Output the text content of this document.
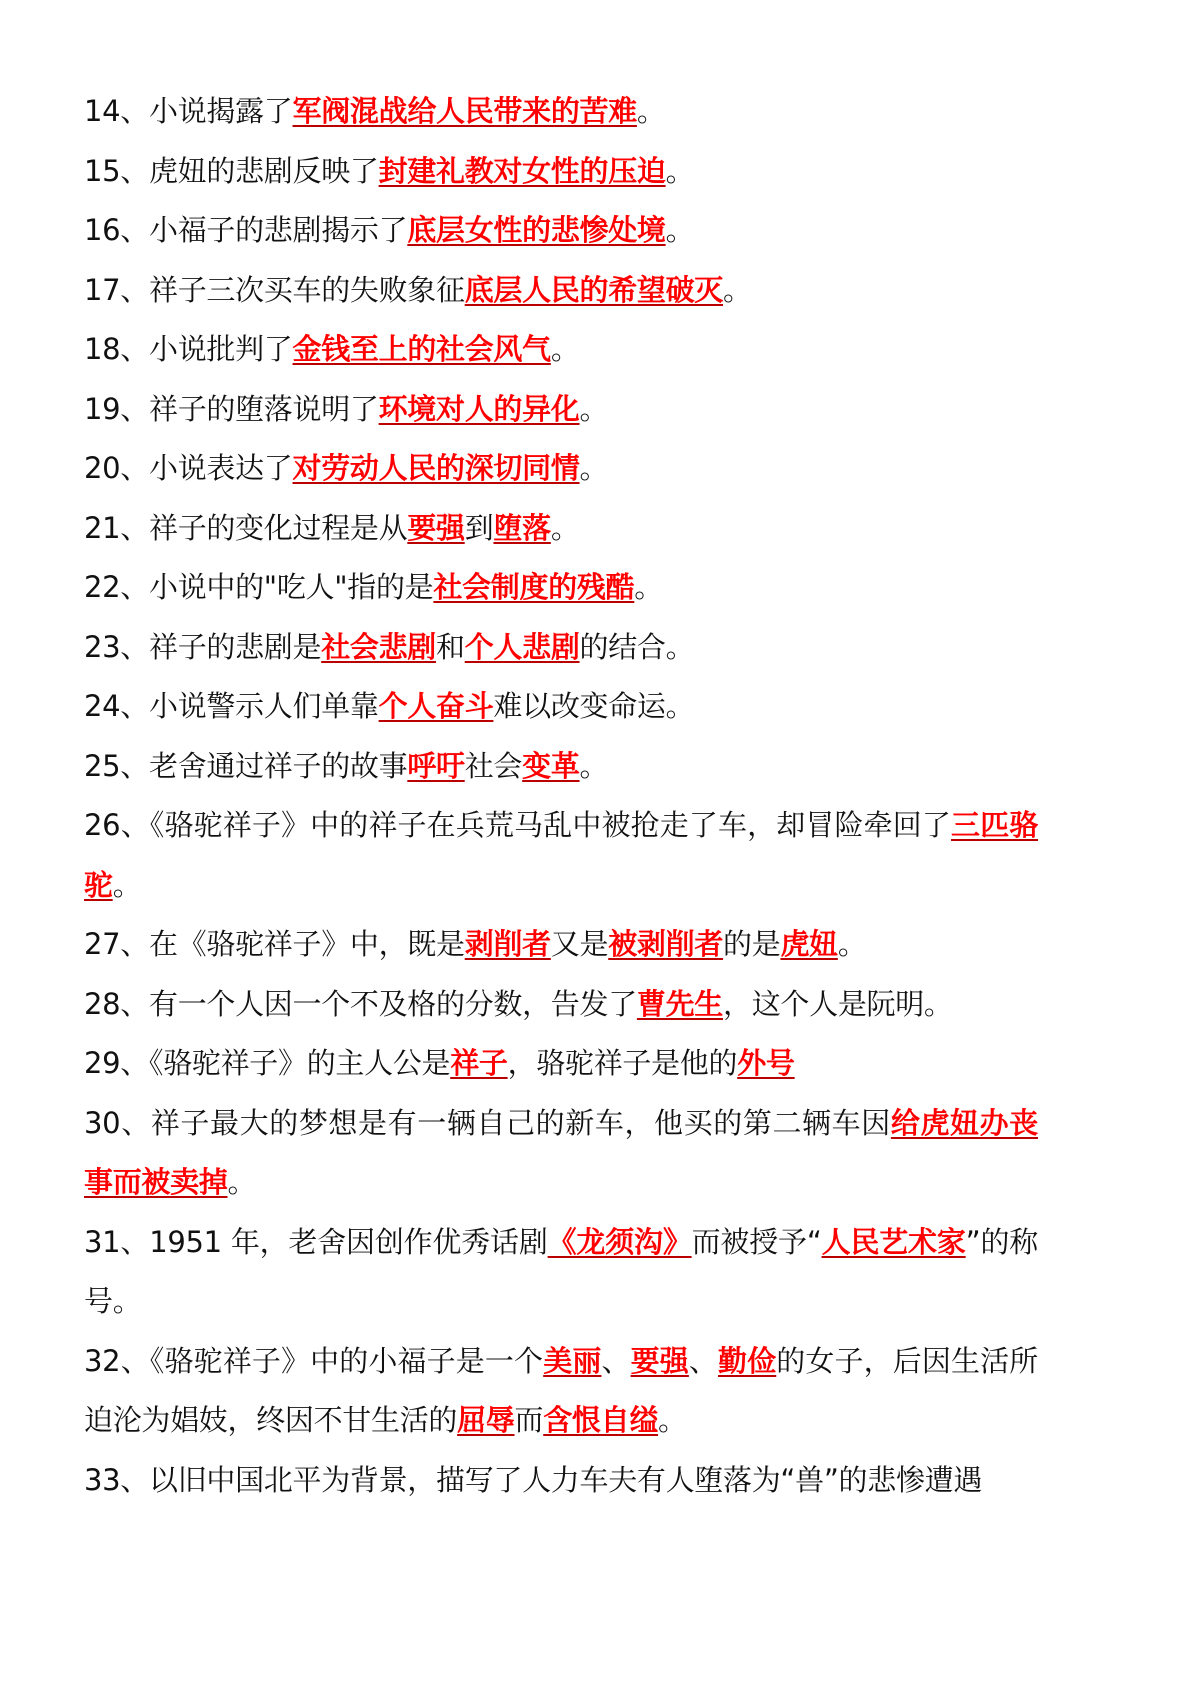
14、小说揭露了军阀混战给人民带来的苦难。

15、虎妞的悲剧反映了封建礼教对女性的压迫。

16、小福子的悲剧揭示了底层女性的悲惨处境。

17、祥子三次买车的失败象征底层人民的希望破灭。

18、小说批判了金钱至上的社会风气。

19、祥子的堕落说明了环境对人的异化。

20、小说表达了对劳动人民的深切同情。

21、祥子的变化过程是从要强到堕落。

22、小说中的"吃人"指的是社会制度的残酷。

23、祥子的悲剧是社会悲剧和个人悲剧的结合。

24、小说警示人们单靠个人奋斗难以改变命运。

25、老舍通过祥子的故事呼吁社会变革。

26、《骆驼祥子》中的祥子在兵荒马乱中被抢走了车，却冒险牵回了三匹骆驼。

27、在《骆驼祥子》中，既是剥削者又是被剥削者的是虎妞。

28、有一个人因一个不及格的分数，告发了曹先生，这个人是阮明。

29、《骆驼祥子》的主人公是祥子，骆驼祥子是他的外号

30、祥子最大的梦想是有一辆自己的新车，他买的第二辆车因给虎妞办丧事而被卖掉。

31、1951 年，老舍因创作优秀话剧《龙须沟》而被授予“人民艺术家”的称号。

32、《骆驼祥子》中的小福子是一个美丽、要强、勤俭的女子，后因生活所迫沦为娼妓，终因不甘生活的屈辱而含恨自缢。

33、以旧中国北平为背景，描写了人力车夫有人堕落为“兽”的悲惨遭遇
